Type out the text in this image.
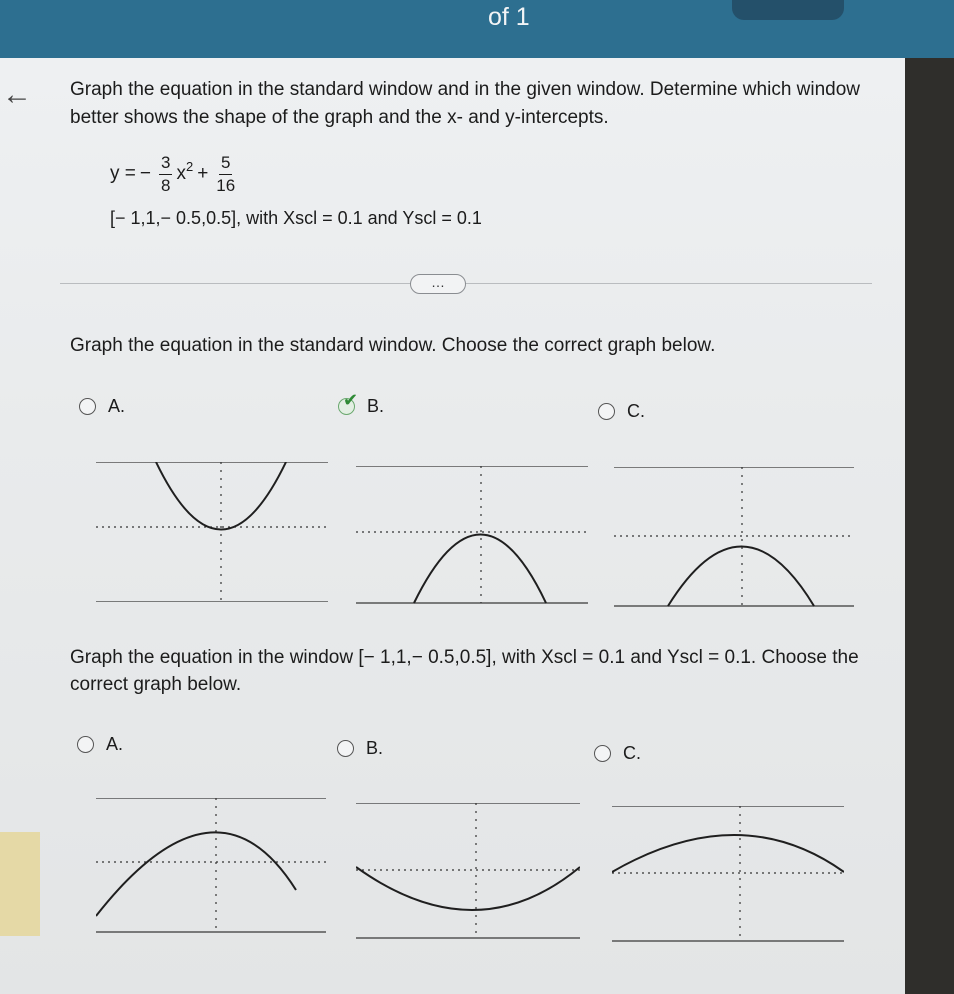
of 1
← Graph the equation in the standard window and in the given window. Determine which window better shows the shape of the graph and the x- and y-intercepts.
y = − $\frac{3}{8}$ x $2 + \frac{5}{16}$
[− 1,1,− 0.5,0.5], with Xscl = 0.1 and Yscl = 0.1
…
Graph the equation in the standard window. Choose the correct graph below.
A.	✔ B.	C.
Graph the equation in the window [− 1,1,− 0.5,0.5], with Xscl = 0.1 and Yscl = 0.1. Choose the correct graph below.
A.	B.	C.
